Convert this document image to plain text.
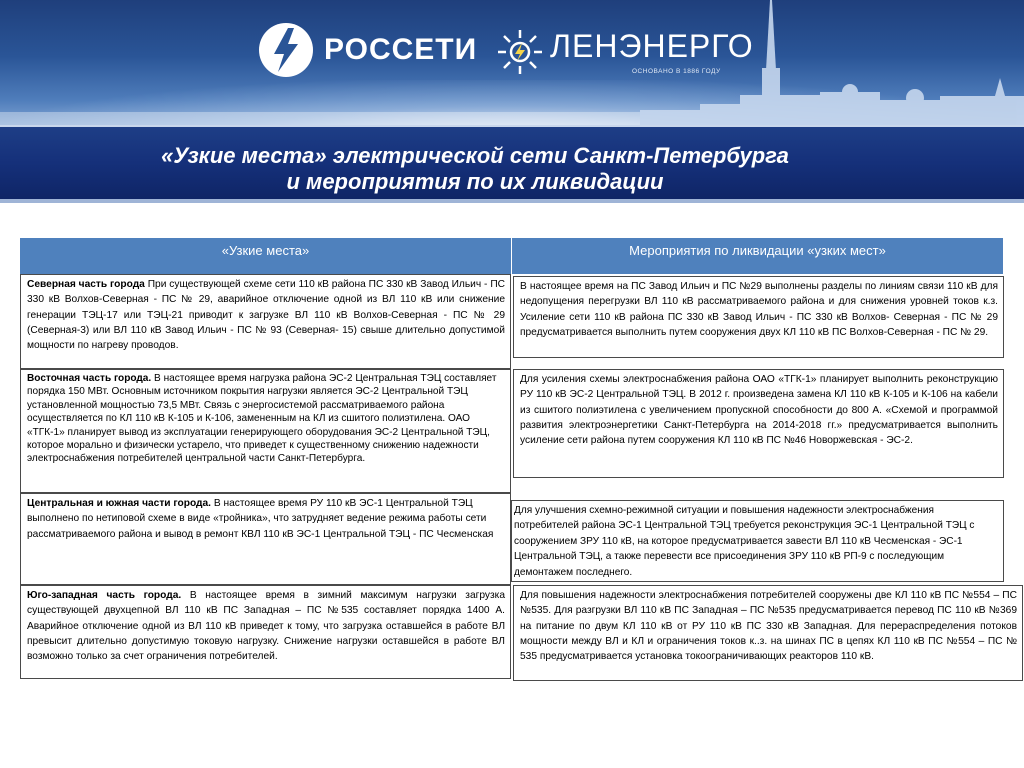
РОССЕТИ ЛЕНЭНЕРГО
ОСНОВАНО В 1886 ГОДУ
«Узкие места» электрической сети Санкт-Петербурга
и мероприятия по их ликвидации
«Узкие места»	Мероприятия по ликвидации «узких мест»
Северная часть города При существующей схеме сети 110 кВ района ПС 330 кВ Завод Ильич - ПС 330 кВ Волхов-Северная - ПС № 29, аварийное отключение одной из ВЛ 110 кВ или снижение генерации ТЭЦ-17 или ТЭЦ-21 приводит к загрузке ВЛ 110 кВ Волхов-Северная - ПС № 29 (Северная-3) или ВЛ 110 кВ Завод Ильич - ПС № 93 (Северная- 15) свыше длительно допустимой мощности по нагреву проводов.
В настоящее время на ПС Завод Ильич и ПС №29 выполнены разделы по линиям связи 110 кВ для недопущения перегрузки ВЛ 110 кВ рассматриваемого района и для снижения уровней токов к.з. Усиление сети 110 кВ района ПС 330 кВ Завод Ильич - ПС 330 кВ Волхов- Северная - ПС № 29 предусматривается выполнить путем сооружения двух КЛ 110 кВ ПС Волхов-Северная - ПС № 29.
Восточная часть города. В настоящее время нагрузка района ЭС-2 Центральная ТЭЦ составляет порядка 150 МВт. Основным источником покрытия нагрузки является ЭС-2 Центральной ТЭЦ установленной мощностью 73,5 МВт. Связь с энергосистемой рассматриваемого района осуществляется по КЛ 110 кВ К-105 и К-106, замененным на КЛ из сшитого полиэтилена. ОАО «ТГК-1» планирует вывод из эксплуатации генерирующего оборудования ЭС-2 Центральной ТЭЦ, которое морально и физически устарело, что приведет к существенному снижению надежности электроснабжения потребителей центральной части Санкт-Петербурга.
Для усиления схемы электроснабжения района ОАО «ТГК-1» планирует выполнить реконструкцию РУ 110 кВ ЭС-2 Центральной ТЭЦ. В 2012 г. произведена замена КЛ 110 кВ К-105 и К-106 на кабели из сшитого полиэтилена с увеличением пропускной способности до 800 А. «Схемой и программой развития электроэнергетики Санкт-Петербурга на 2014-2018 гг.» предусматривается выполнить усиление сети района путем сооружения КЛ 110 кВ ПС №46 Новоржевская - ЭС-2.
Центральная и южная части города. В настоящее время РУ 110 кВ ЭС-1 Центральной ТЭЦ выполнено по нетиповой схеме в виде «тройника», что затрудняет ведение режима работы сети рассматриваемого района и вывод в ремонт КВЛ 110 кВ ЭС-1 Центральной ТЭЦ - ПС Чесменская
Для улучшения схемно-режимной ситуации и повышения надежности электроснабжения потребителей района ЭС-1 Центральной ТЭЦ требуется реконструкция ЭС-1 Центральной ТЭЦ с сооружением ЗРУ 110 кВ, на которое предусматривается завести ВЛ 110 кВ Чесменская - ЭС-1 Центральной ТЭЦ, а также перевести все присоединения ЗРУ 110 кВ РП-9 с последующим демонтажем последнего.
Юго-западная часть города. В настоящее время в зимний максимум нагрузки загрузка существующей двухцепной ВЛ 110 кВ ПС Западная – ПС №535 составляет порядка 1400 А. Аварийное отключение одной из ВЛ 110 кВ приведет к тому, что загрузка оставшейся в работе ВЛ превысит длительно допустимую токовую нагрузку. Снижение нагрузки оставшейся в работе ВЛ возможно только за счет ограничения потребителей.
Для повышения надежности электроснабжения потребителей сооружены две КЛ 110 кВ ПС №554 – ПС №535. Для разгрузки ВЛ 110 кВ ПС Западная – ПС №535 предусматривается перевод ПС 110 кВ №369 на питание по двум КЛ 110 кВ от РУ 110 кВ ПС 330 кВ Западная. Для перераспределения потоков мощности между ВЛ и КЛ и ограничения токов к..з. на шинах ПС в цепях КЛ 110 кВ ПС №554 – ПС № 535 предусматривается установка токоограничивающих реакторов 110 кВ.
